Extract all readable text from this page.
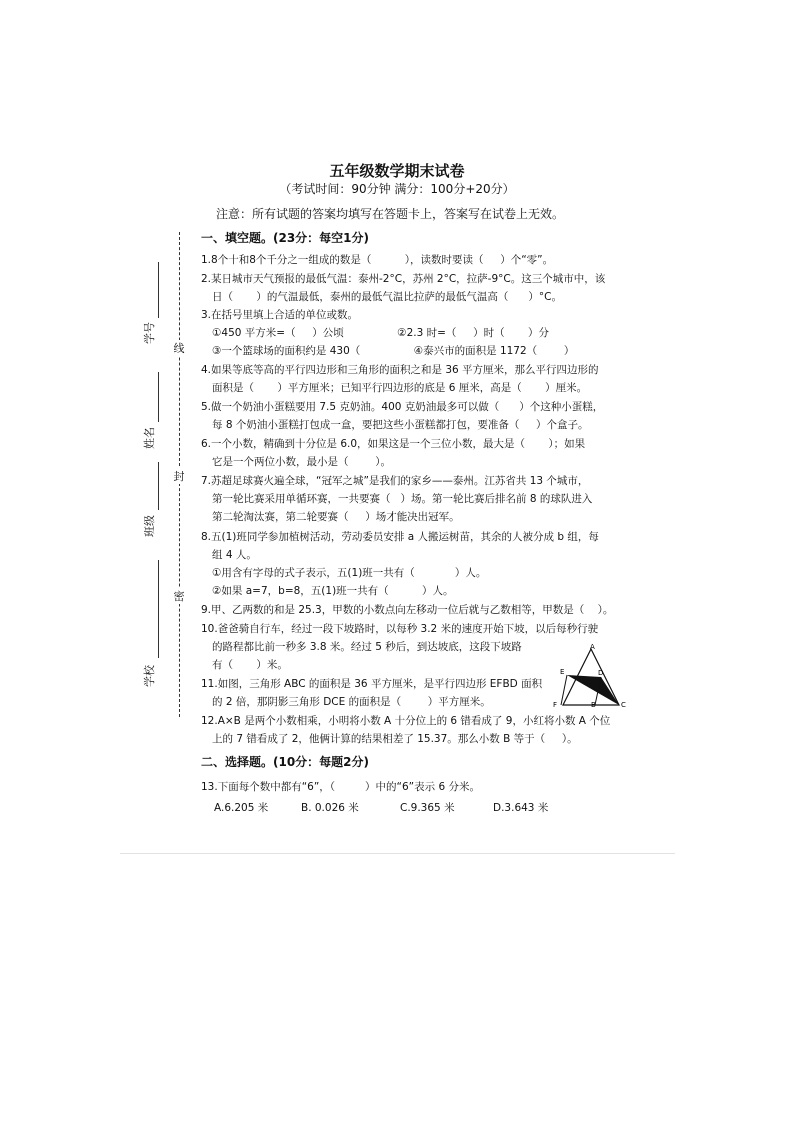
五年级数学期末试卷
（考试时间：90分钟 满分：100分+20分）
注意：所有试题的答案均填写在答题卡上，答案写在试卷上无效。
线
封
密
学号
姓名
班级
学校
一、填空题。(23分：每空1分)
1.8个十和8个千分之一组成的数是（          ），读数时要读（     ）个“零”。
2.某日城市天气预报的最低气温：泰州-2°C，苏州 2°C，拉萨-9°C。这三个城市中，该
日（       ）的气温最低，泰州的最低气温比拉萨的最低气温高（      ）°C。
3.在括号里填上合适的单位或数。
①450 平方米=（     ）公顷                ②2.3 时=（     ）时（       ）分
③一个篮球场的面积约是 430（                ④泰兴市的面积是 1172（        ）
4.如果等底等高的平行四边形和三角形的面积之和是 36 平方厘米，那么平行四边形的
面积是（       ）平方厘米；已知平行四边形的底是 6 厘米，高是（       ）厘米。
5.做一个奶油小蛋糕要用 7.5 克奶油。400 克奶油最多可以做（      ）个这种小蛋糕，
每 8 个奶油小蛋糕打包成一盒，要把这些小蛋糕都打包，要准备（     ）个盒子。
6.一个小数，精确到十分位是 6.0，如果这是一个三位小数，最大是（       ）；如果
它是一个两位小数，最小是（        ）。
7.苏超足球赛火遍全球，“冠军之城”是我们的家乡——泰州。江苏省共 13 个城市，
第一轮比赛采用单循环赛，一共要赛（   ）场。第一轮比赛后排名前 8 的球队进入
第二轮淘汰赛，第二轮要赛（     ）场才能决出冠军。
8.五(1)班同学参加植树活动，劳动委员安排 a 人搬运树苗，其余的人被分成 b 组，每
组 4 人。
①用含有字母的式子表示，五(1)班一共有（            ）人。
②如果 a=7，b=8，五(1)班一共有（          ）人。
9.甲、乙两数的和是 25.3，甲数的小数点向左移动一位后就与乙数相等，甲数是（    ）。
10.爸爸骑自行车，经过一段下坡路时，以每秒 3.2 米的速度开始下坡，以后每秒行驶
的路程都比前一秒多 3.8 米。经过 5 秒后，到达坡底，这段下坡路
有（       ）米。
11.如图，三角形 ABC 的面积是 36 平方厘米，是平行四边形 EFBD 面积
的 2 倍，那阴影三角形 DCE 的面积是（        ）平方厘米。
12.A×B 是两个小数相乘，小明将小数 A 十分位上的 6 错看成了 9，小红将小数 A 个位
上的 7 错看成了 2，他俩计算的结果相差了 15.37。那么小数 B 等于（     ）。
A
E	D
F	B	C
二、选择题。(10分：每题2分)
13.下面每个数中都有“6”，（         ）中的“6”表示 6 分米。
A.6.205 米	B. 0.026 米	C.9.365 米	D.3.643 米
